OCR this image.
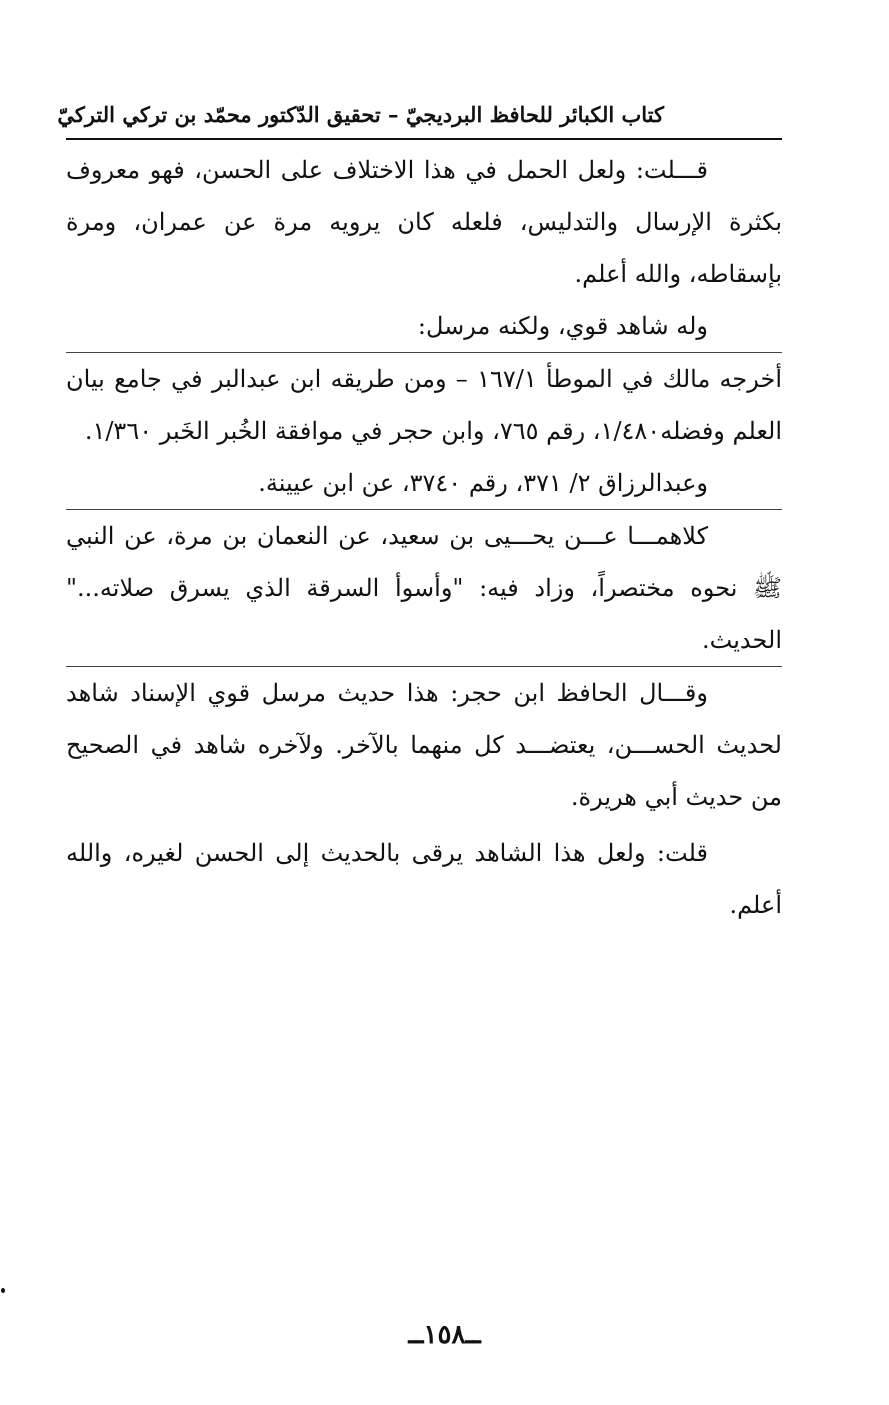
كتاب الكبائر للحافظ البرديجيّ – تحقيق الدّكتور محمّد بن تركي التركيّ

قـــلت: ولعل الحمل في هذا الاختلاف على الحسن، فهو معروف بكثرة الإرسال والتدليس، فلعله كان يرويه مرة عن عمران، ومرة بإسقاطه، والله أعلم.

وله شاهد قوي، ولكنه مرسل:

أخرجه مالك في الموطأ ١٦٧/١ – ومن طريقه ابن عبدالبر في جامع بيان العلم وفضله١/٤٨٠، رقم ٧٦٥، وابن حجر في موافقة الخُبر الخَبر ١/٣٦٠.

وعبدالرزاق ٢/ ٣٧١، رقم ٣٧٤٠، عن ابن عيينة.

كلاهمـــا عـــن يحـــيى بن سعيد، عن النعمان بن مرة، عن النبي ﷺ نحوه مختصراً، وزاد فيه: "وأسوأ السرقة الذي يسرق صلاته..." الحديث.

وقـــال الحافظ ابن حجر: هذا حديث مرسل قوي الإسناد شاهد لحديث الحســـن، يعتضـــد كل منهما بالآخر. ولآخره شاهد في الصحيح من حديث أبي هريرة.

قلت: ولعل هذا الشاهد يرقى بالحديث إلى الحسن لغيره، والله أعلم.

ــ١٥٨ــ
